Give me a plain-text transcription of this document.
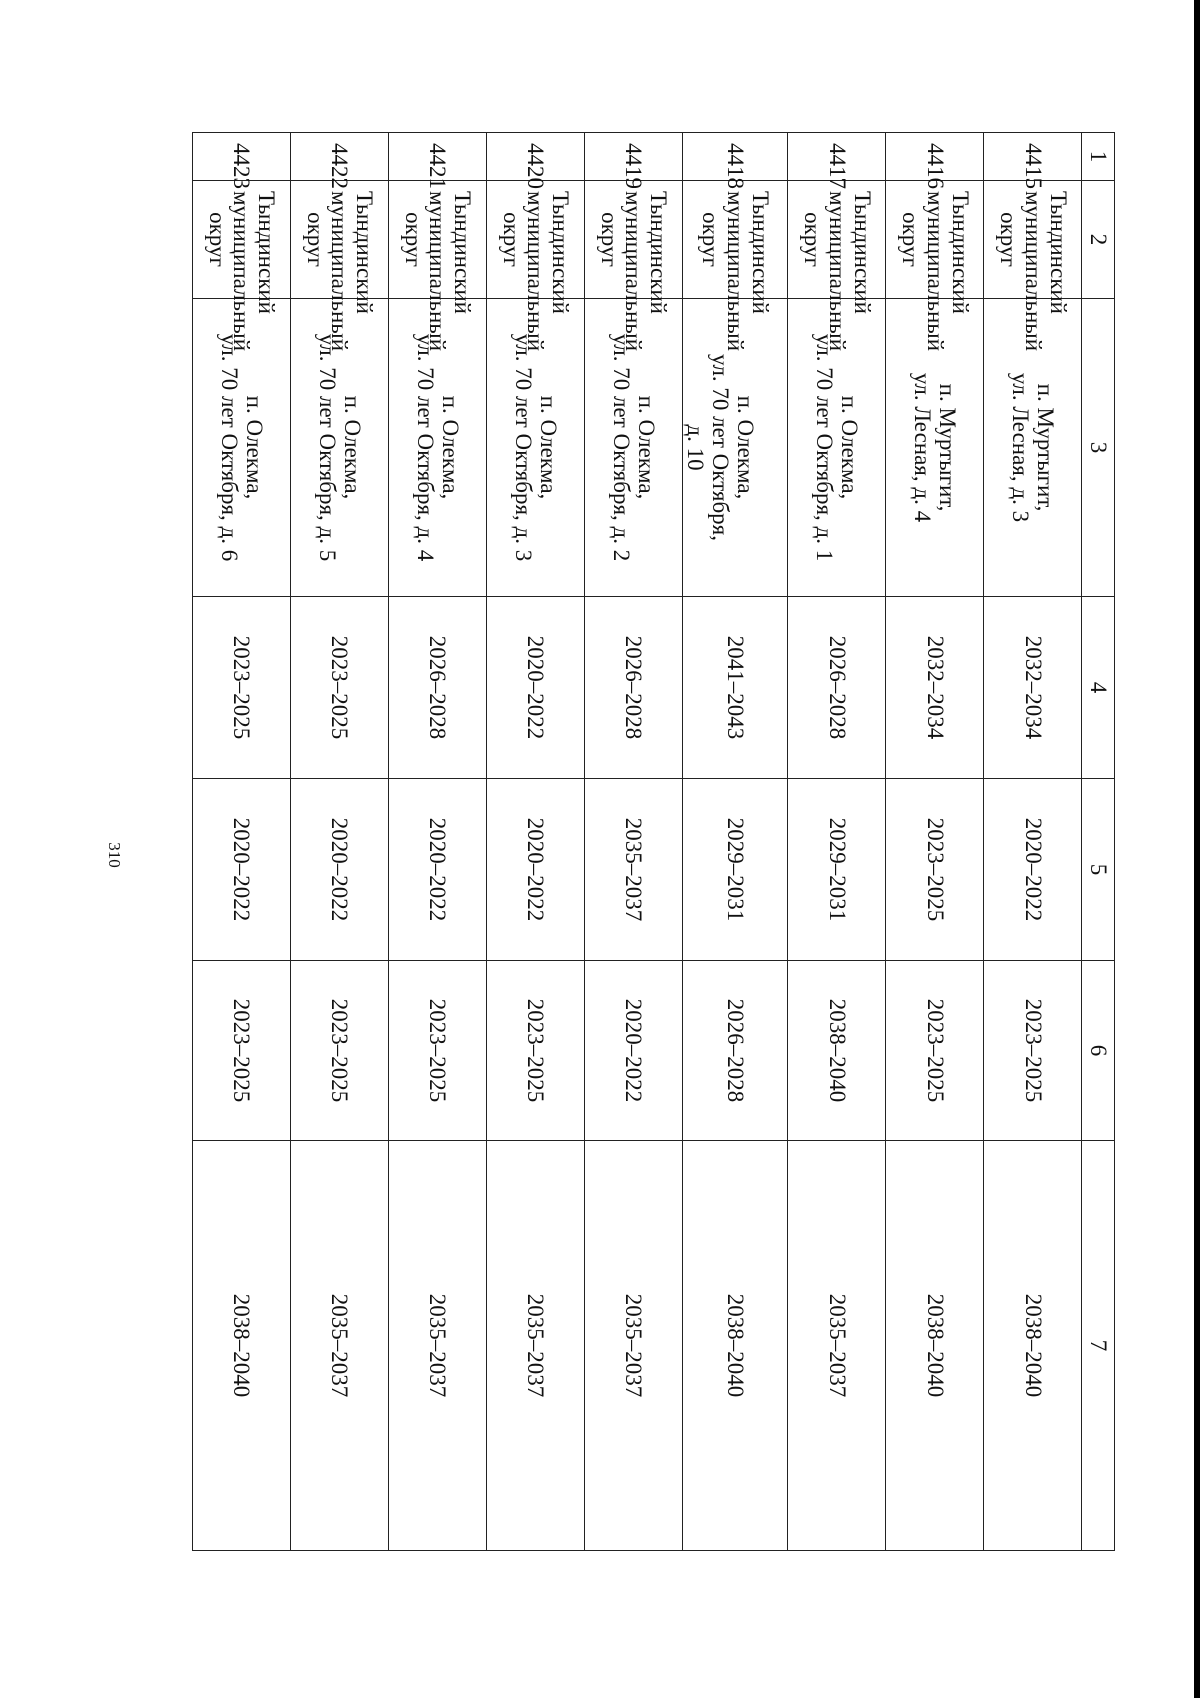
310
1	2	3	4	5	6	7
4415	Тындинский
муниципальный
округ	п. Муртыгит,
ул. Лесная, д. 3	2032–2034	2020–2022	2023–2025	2038–2040
4416	Тындинский
муниципальный
округ	п. Муртыгит,
ул. Лесная, д. 4	2032–2034	2023–2025	2023–2025	2038–2040
4417	Тындинский
муниципальный
округ	п. Олекма,
ул. 70 лет Октября, д. 1	2026–2028	2029–2031	2038–2040	2035–2037
4418	Тындинский
муниципальный
округ	п. Олекма,
ул. 70 лет Октября,
д. 10	2041–2043	2029–2031	2026–2028	2038–2040
4419	Тындинский
муниципальный
округ	п. Олекма,
ул. 70 лет Октября, д. 2	2026–2028	2035–2037	2020–2022	2035–2037
4420	Тындинский
муниципальный
округ	п. Олекма,
ул. 70 лет Октября, д. 3	2020–2022	2020–2022	2023–2025	2035–2037
4421	Тындинский
муниципальный
округ	п. Олекма,
ул. 70 лет Октября, д. 4	2026–2028	2020–2022	2023–2025	2035–2037
4422	Тындинский
муниципальный
округ	п. Олекма,
ул. 70 лет Октября, д. 5	2023–2025	2020–2022	2023–2025	2035–2037
4423	Тындинский
муниципальный
округ	п. Олекма,
ул. 70 лет Октября, д. 6	2023–2025	2020–2022	2023–2025	2038–2040
